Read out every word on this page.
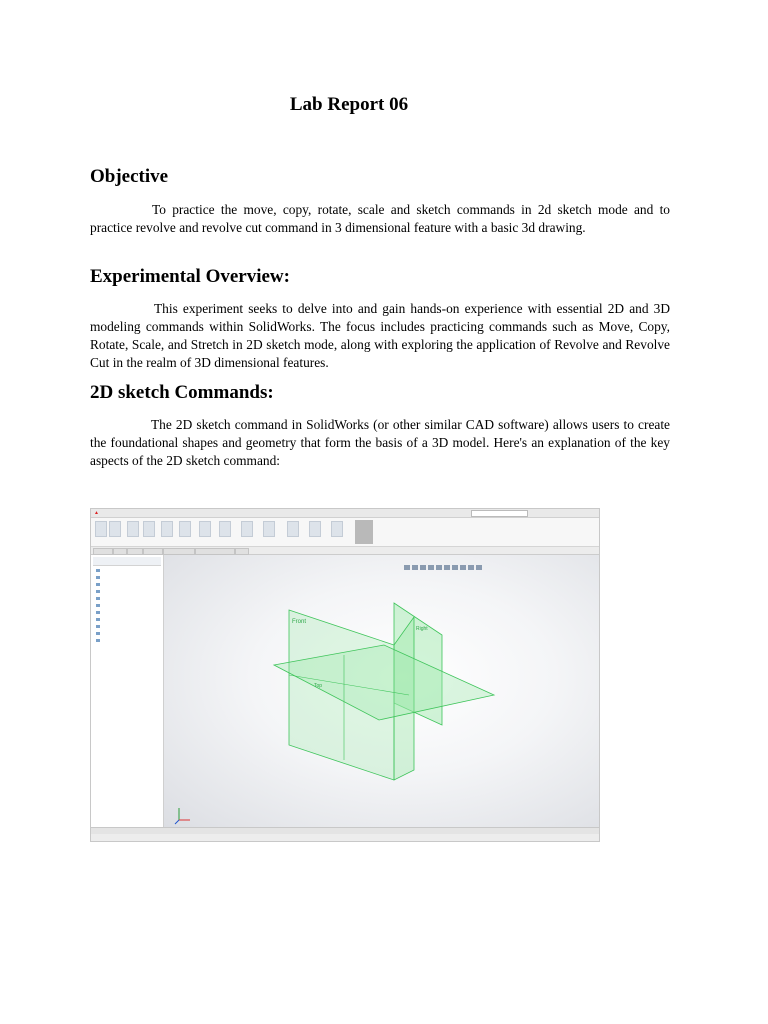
Lab Report 06
Objective

To practice the move, copy, rotate, scale and sketch commands in 2d sketch mode and to practice revolve and revolve cut command in 3 dimensional feature with a basic 3d drawing.

Experimental Overview:

This experiment seeks to delve into and gain hands-on experience with essential 2D and 3D modeling commands within SolidWorks. The focus includes practicing commands such as Move, Copy, Rotate, Scale, and Stretch in 2D sketch mode, along with exploring the application of Revolve and Revolve Cut in the realm of 3D dimensional features.

2D sketch Commands:

The 2D sketch command in SolidWorks (or other similar CAD software) allows users to create the foundational shapes and geometry that form the basis of a 3D model. Here's an explanation of the key aspects of the 2D sketch command:

▲
Front
Top
Right
